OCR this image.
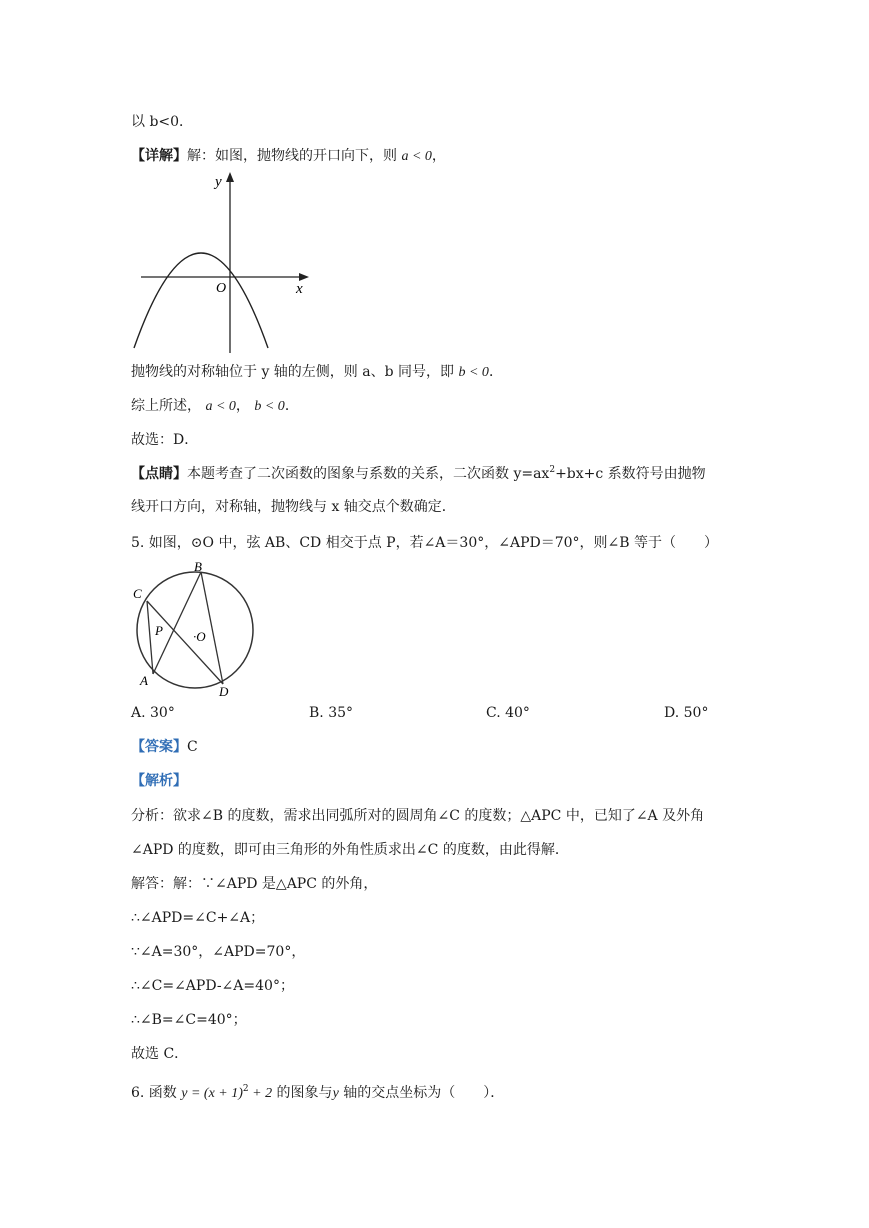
以 b<0．
【详解】解：如图，抛物线的开口向下，则 a < 0，
y
x
O
抛物线的对称轴位于 y 轴的左侧，则 a、b 同号，即 b < 0．
综上所述， a < 0， b < 0．
故选：D．
【点睛】本题考查了二次函数的图象与系数的关系，二次函数 $y=ax^2+bx+c$ 系数符号由抛物
线开口方向，对称轴，抛物线与 x 轴交点个数确定．
5. 如图，⊙O 中，弦 AB、CD 相交于点 P，若∠A＝30°，∠APD＝70°，则∠B 等于（　　）
B
C
P ·O
A
D
A. 30°	B. 35°	C. 40°	D. 50°
【答案】C
【解析】
分析：欲求∠B 的度数，需求出同弧所对的圆周角∠C 的度数；△APC 中，已知了∠A 及外角
∠APD 的度数，即可由三角形的外角性质求出∠C 的度数，由此得解．
解答：解：∵∠APD 是△APC 的外角，
∴∠APD=∠C+∠A；
∵∠A=30°，∠APD=70°，
∴∠C=∠APD-∠A=40°；
∴∠B=∠C=40°；
故选 C．
6. 函数 $y = (x + 1)^2 + 2$ 的图象与y 轴的交点坐标为（　　）．
